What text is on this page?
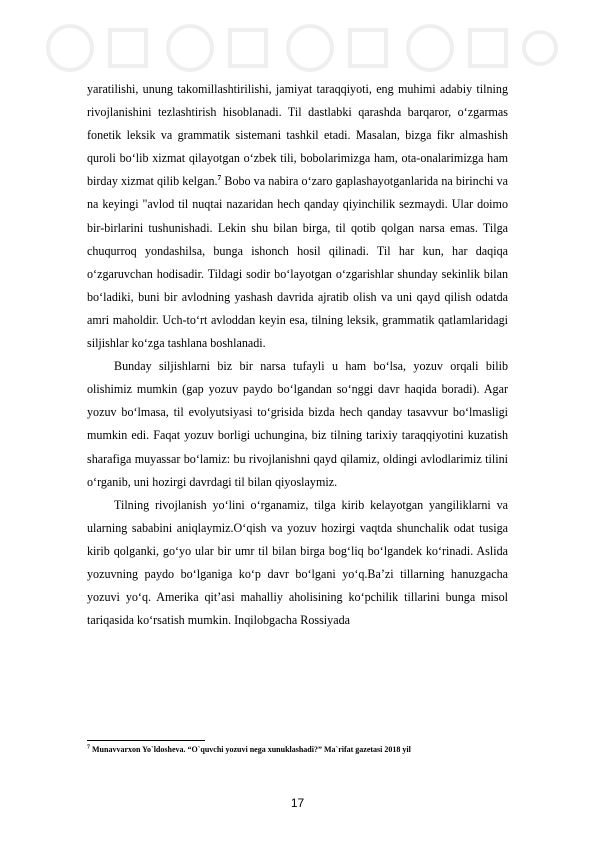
yaratilishi, unung takomillashtirilishi, jamiyat taraqqiyoti, eng muhimi adabiy tilning rivojlanishini tezlashtirish hisoblanadi. Til dastlabki qarashda barqaror, o‘zgarmas fonetik leksik va grammatik sistemani tashkil etadi. Masalan, bizga fikr almashish quroli bo‘lib xizmat qilayotgan o‘zbek tili, bobolarimizga ham, ota-onalarimizga ham birday xizmat qilib kelgan.$^7$ Bobo va nabira o‘zaro gaplashayotganlarida na birinchi va na keyingi "avlod til nuqtai nazaridan hech qanday qiyinchilik sezmaydi. Ular doimo bir-birlarini tushunishadi. Lekin shu bilan birga, til qotib qolgan narsa emas. Tilga chuqurroq yondashilsa, bunga ishonch hosil qilinadi. Til har kun, har daqiqa o‘zgaruvchan hodisadir. Tildagi sodir bo‘layotgan o‘zgarishlar shunday sekinlik bilan bo‘ladiki, buni bir avlodning yashash davrida ajratib olish va uni qayd qilish odatda amri maholdir. Uch-to‘rt avloddan keyin esa, tilning leksik, grammatik qatlamlaridagi siljishlar ko‘zga tashlana boshlanadi.

Bunday siljishlarni biz bir narsa tufayli u ham bo‘lsa, yozuv orqali bilib olishimiz mumkin (gap yozuv paydo bo‘lgandan so‘nggi davr haqida boradi). Agar yozuv bo‘lmasa, til evolyutsiyasi to‘grisida bizda hech qanday tasavvur bo‘lmasligi mumkin edi. Faqat yozuv borligi uchungina, biz tilning tarixiy taraqqiyotini kuzatish sharafiga muyassar bo‘lamiz: bu rivojlanishni qayd qilamiz, oldingi avlodlarimiz tilini o‘rganib, uni hozirgi davrdagi til bilan qiyoslaymiz.

Tilning rivojlanish yo‘lini o‘rganamiz, tilga kirib kelayotgan yangiliklarni va ularning sababini aniqlaymiz.O‘qish va yozuv hozirgi vaqtda shunchalik odat tusiga kirib qolganki, go‘yo ular bir umr til bilan birga bog‘liq bo‘lgandek ko‘rinadi. Aslida yozuvning paydo bo‘lganiga ko‘p davr bo‘lgani yo‘q.Ba’zi tillarning hanuzgacha yozuvi yo‘q. Amerika qit’asi mahalliy aholisining ko‘pchilik tillarini bunga misol tariqasida ko‘rsatish mumkin. Inqilobgacha Rossiyada

$^7$ Munavvarxon Yo`ldosheva. “O`quvchi yozuvi nega xunuklashadi?” Ma`rifat gazetasi 2018 yil
17
